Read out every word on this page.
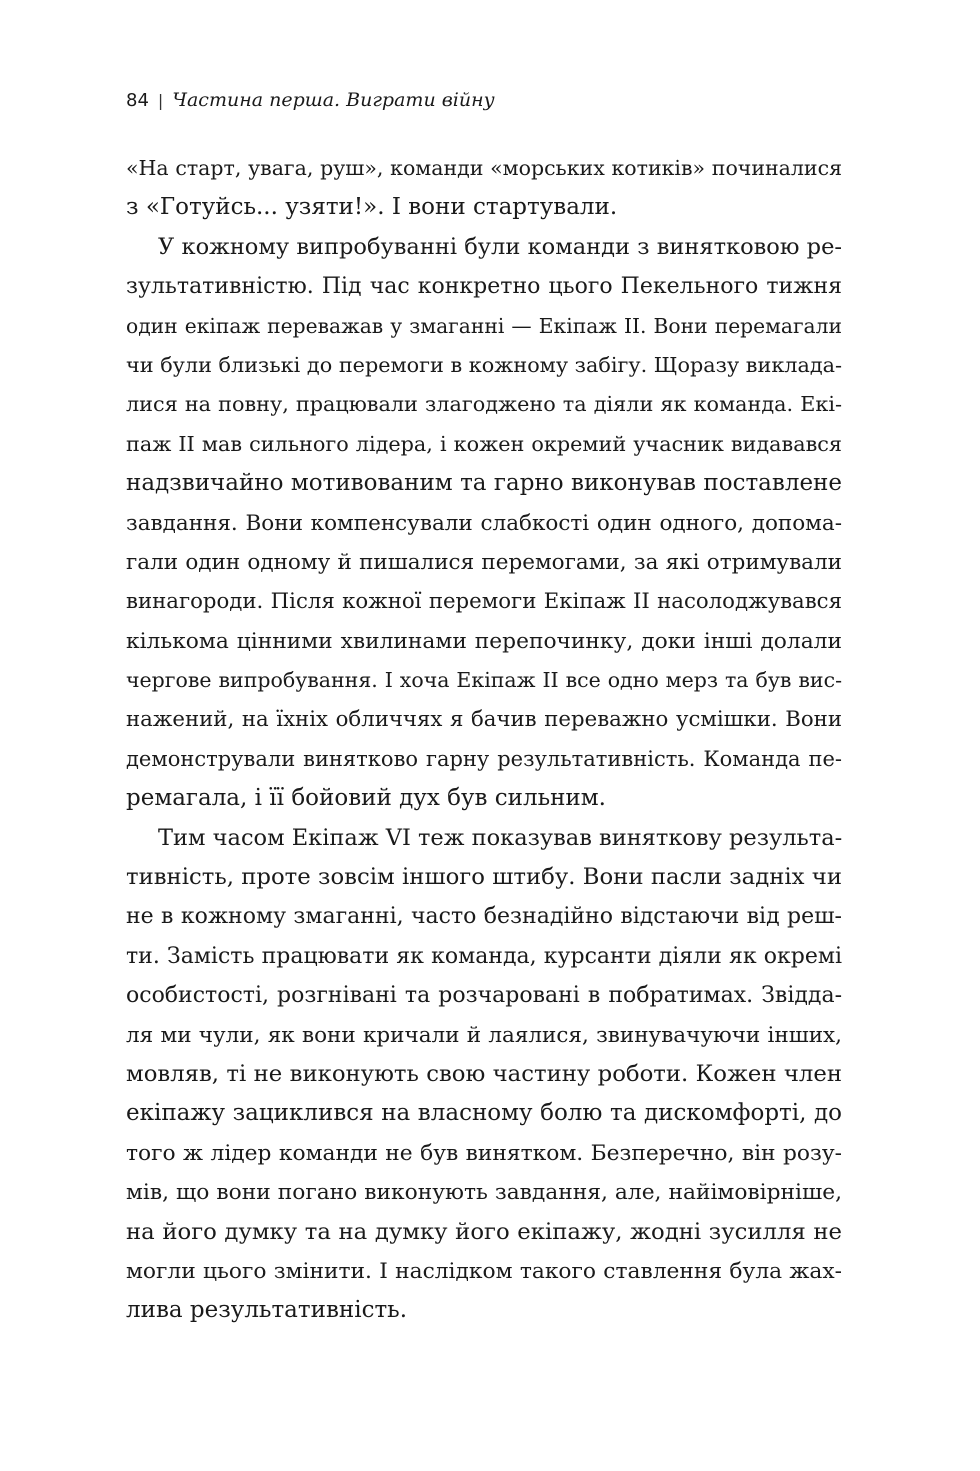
84 | Частина перша. Виграти війну
«На старт, увага, руш», команди «морських котиків» починалися
з «Готуйсь... узяти!». І вони стартували.
У кожному випробуванні були команди з винятковою ре-
зультативністю. Під час конкретно цього Пекельного тижня
один екіпаж переважав у змаганні — Екіпаж ІІ. Вони перемагали
чи були близькі до перемоги в кожному забігу. Щоразу виклада-
лися на повну, працювали злагоджено та діяли як команда. Екі-
паж ІІ мав сильного лідера, і кожен окремий учасник видавався
надзвичайно мотивованим та гарно виконував поставлене
завдання. Вони компенсували слабкості один одного, допома-
гали один одному й пишалися перемогами, за які отримували
винагороди. Після кожної перемоги Екіпаж ІІ насолоджувався
кількома цінними хвилинами перепочинку, доки інші долали
чергове випробування. І хоча Екіпаж ІІ все одно мерз та був вис-
нажений, на їхніх обличчях я бачив переважно усмішки. Вони
демонстрували винятково гарну результативність. Команда пе-
ремагала, і її бойовий дух був сильним.
Тим часом Екіпаж VI теж показував виняткову результа-
тивність, проте зовсім іншого штибу. Вони пасли задніх чи
не в кожному змаганні, часто безнадійно відстаючи від реш-
ти. Замість працювати як команда, курсанти діяли як окремі
особистості, розгнівані та розчаровані в побратимах. Звідда-
ля ми чули, як вони кричали й лаялися, звинувачуючи інших,
мовляв, ті не виконують свою частину роботи. Кожен член
екіпажу зациклився на власному болю та дискомфорті, до
того ж лідер команди не був винятком. Безперечно, він розу-
мів, що вони погано виконують завдання, але, найімовірніше,
на його думку та на думку його екіпажу, жодні зусилля не
могли цього змінити. І наслідком такого ставлення була жах-
лива результативність.
